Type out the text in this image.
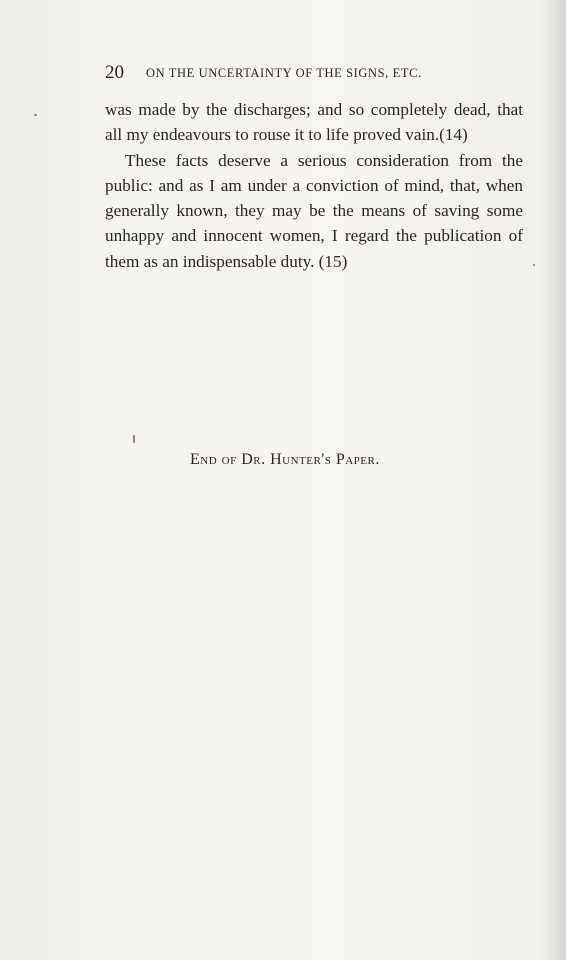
20 ON THE UNCERTAINTY OF THE SIGNS, ETC.

was made by the discharges; and so completely dead, that all my endeavours to rouse it to life proved vain.(14)

These facts deserve a serious consideration from the public: and as I am under a conviction of mind, that, when generally known, they may be the means of saving some unhappy and innocent women, I regard the publication of them as an indispensable duty. (15)

End of Dr. Hunter's Paper.
